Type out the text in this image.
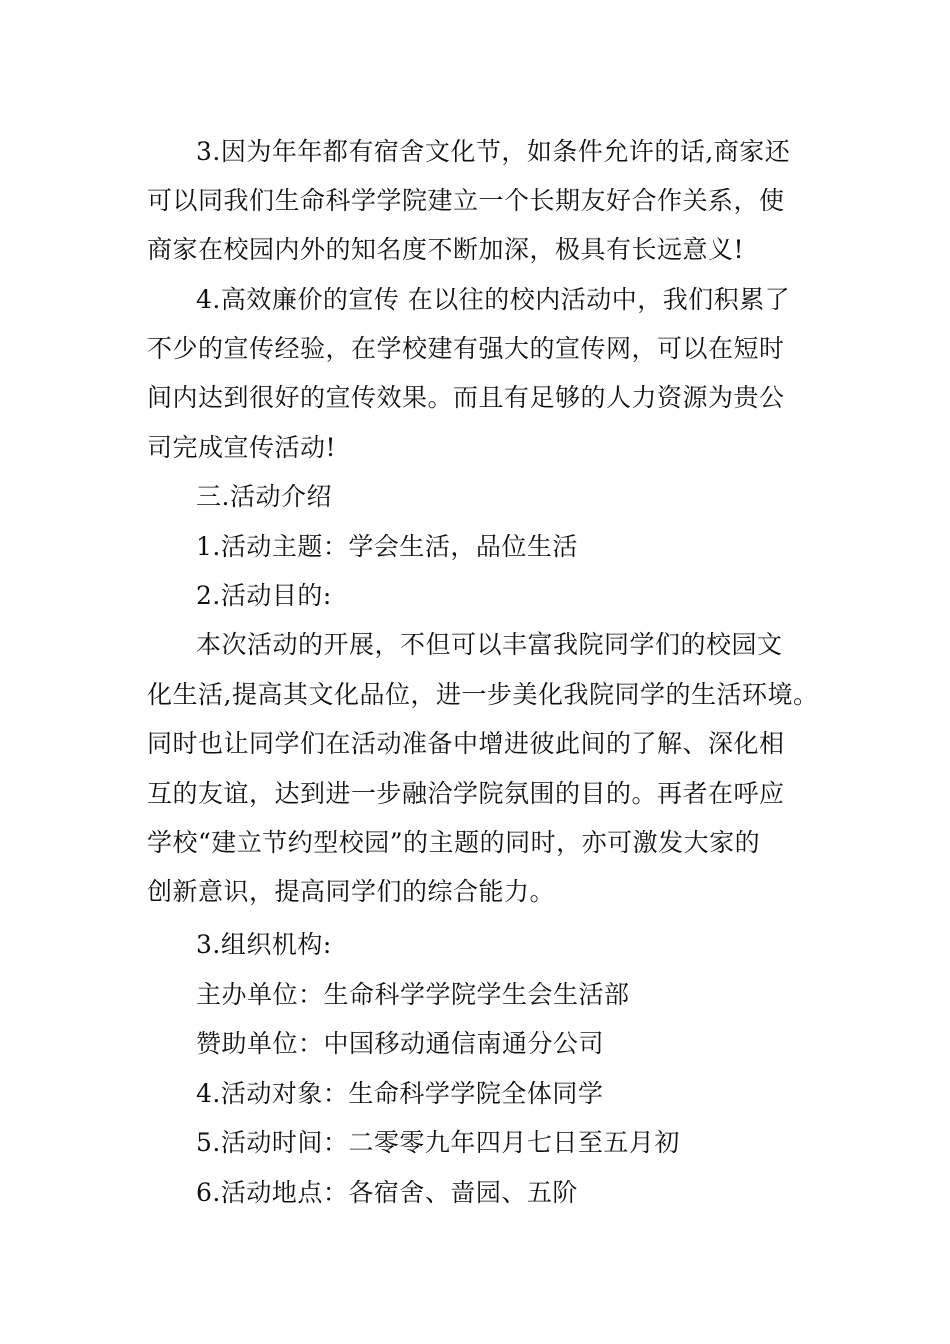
3.因为年年都有宿舍文化节，如条件允许的话,商家还
可以同我们生命科学学院建立一个长期友好合作关系，使
商家在校园内外的知名度不断加深，极具有长远意义!
4.高效廉价的宣传 在以往的校内活动中，我们积累了
不少的宣传经验，在学校建有强大的宣传网，可以在短时
间内达到很好的宣传效果。而且有足够的人力资源为贵公
司完成宣传活动!
三.活动介绍
1.活动主题：学会生活，品位生活
2.活动目的:
本次活动的开展，不但可以丰富我院同学们的校园文
化生活,提高其文化品位，进一步美化我院同学的生活环境。
同时也让同学们在活动准备中增进彼此间的了解、深化相
互的友谊，达到进一步融洽学院氛围的目的。再者在呼应
学校“建立节约型校园”的主题的同时，亦可激发大家的
创新意识，提高同学们的综合能力。
3.组织机构:
主办单位：生命科学学院学生会生活部
赞助单位：中国移动通信南通分公司
4.活动对象：生命科学学院全体同学
5.活动时间：二零零九年四月七日至五月初
6.活动地点：各宿舍、啬园、五阶
